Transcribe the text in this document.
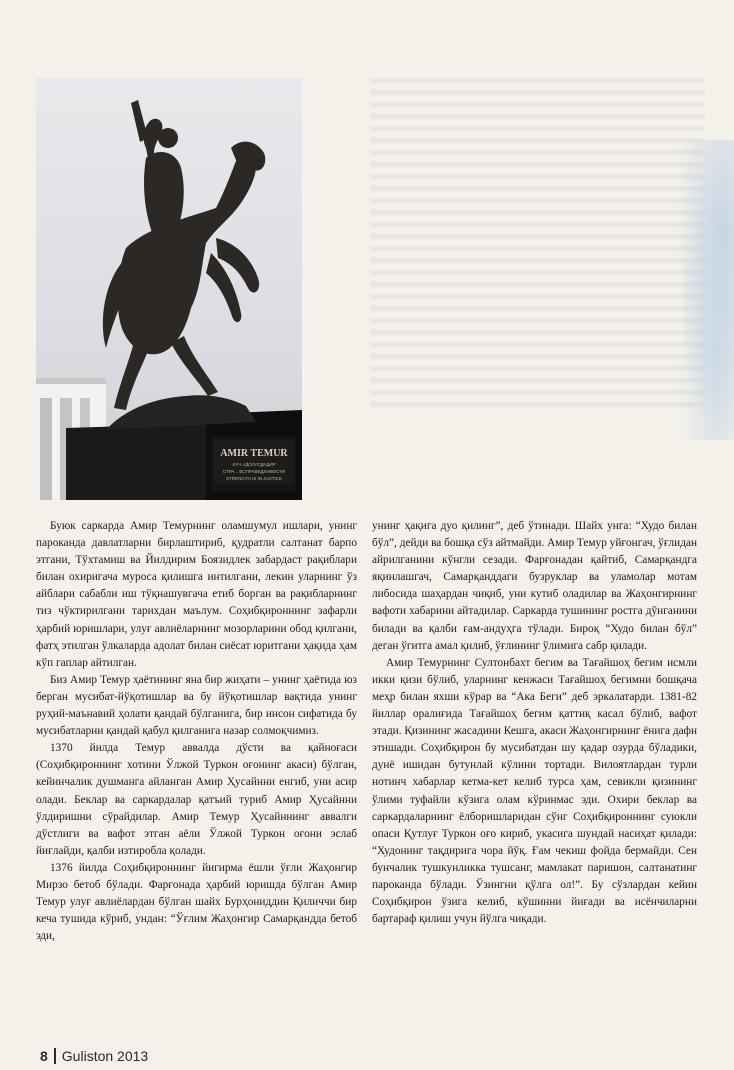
AMIR TEMUR
КУЧ АДОЛАТДАДИР
СТРА... ВСПРАВЕДЛИВОСТИ
STRENGTH IS IN JUSTICE

Буюк саркарда Амир Темурнинг оламшумул ишлари, унинг пароканда давлатларни бирлаштириб, қудратли салтанат барпо этгани, Тўхтамиш ва Йилдирим Боязидлек забардаст рақиблари билан охиригача муроса қилишга интилгани, лекин уларнинг ўз айблари сабабли иш тўқнашувгача етиб борган ва рақибларнинг тиз чўктирилгани тарихдан маълум. Соҳибқироннинг зафарли ҳарбий юришлари, улуғ авлиёларнинг мозорларини обод қилгани, фатҳ этилган ўлкаларда адолат билан сиёсат юритгани ҳақида ҳам кўп гаплар айтилган.

Биз Амир Темур ҳаётининг яна бир жиҳати – унинг ҳаётида юз берган мусибат-йўқотишлар ва бу йўқотишлар вақтида унинг руҳий-маънавий ҳолати қандай бўлганига, бир инсон сифатида бу мусибатларни қандай қабул қилганига назар солмоқчимиз.

1370 йилда Темур аввалда дўсти ва қайноғаси (Соҳибқироннинг хотини Ўлжой Туркон оғонинг акаси) бўлган, кейинчалик душманга айланган Амир Ҳусайнни енгиб, уни асир олади. Беклар ва саркардалар қатъий туриб Амир Ҳусайнни ўлдиришни сўрайдилар. Амир Темур Ҳусайннинг аввалги дўстлиги ва вафот этган аёли Ўлжой Туркон оғони эслаб йиғлайди, қалби изтиробла қолади.

1376 йилда Соҳибқироннинг йигирма ёшли ўғли Жаҳонгир Мирзо бетоб бўлади. Фарғонада ҳарбий юришда бўлган Амир Темур улуғ авлиёлардан бўлган шайх Бурҳониддин Қиличчи бир кеча тушида кўриб, ундан: “Ўғлим Жаҳонгир Самарқандда бетоб эди,

унинг ҳақига дуо қилинг”, деб ўтинади. Шайх унга: “Худо билан бўл”, дейди ва бошқа сўз айтмайди. Амир Темур уйғонгач, ўғлидан айрилганини кўнгли сезади. Фарғонадан қайтиб, Самарқандга яқинлашгач, Самарқанддаги бузруклар ва уламолар мотам либосида шаҳардан чиқиб, уни кутиб оладилар ва Жаҳонгирнинг вафоти хабарини айтадилар. Саркарда тушининг ростга дўнганини билади ва қалби ғам-андуҳга тўлади. Бироқ “Худо билан бўл” деган ўгитга амал қилиб, ўғлининг ўлимига сабр қилади.

Амир Темурнинг Султонбахт бегим ва Тағайшоҳ бегим исмли икки қизи бўлиб, уларнинг кенжаси Тағайшоҳ бегимни бошқача меҳр билан яхши кўрар ва “Ака Беги” деб эркалатарди. 1381-82 йиллар оралиғида Тағайшоҳ бегим қаттиқ касал бўлиб, вафот этади. Қизининг жасадини Кешга, акаси Жаҳонгирнинг ёнига дафн этишади. Соҳибқирон бу мусибатдан шу қадар озурда бўладики, дунё ишидан бутунлай кўлини тортади. Вилоятлардан турли нотинч хабарлар кетма-кет келиб турса ҳам, севикли қизининг ўлими туфайли кўзига олам кўринмас эди. Охири беклар ва саркардаларнинг ёлборишларидан сўнг Соҳибқироннинг суюкли опаси Қутлуғ Туркон оғо кириб, укасига шундай насиҳат қилади: “Худонинг тақдирига чора йўқ. Ғам чекиш фойда бермайди. Сен бунчалик тушкунликка тушсанг, мамлакат паришон, салтанатинг пароканда бўлади. Ўзингни қўлга ол!”. Бу сўзлардан кейин Соҳибқирон ўзига келиб, кўшинни йиғади ва исёнчиларни бартараф қилиш учун йўлга чиқади.

8 Guliston 2013
